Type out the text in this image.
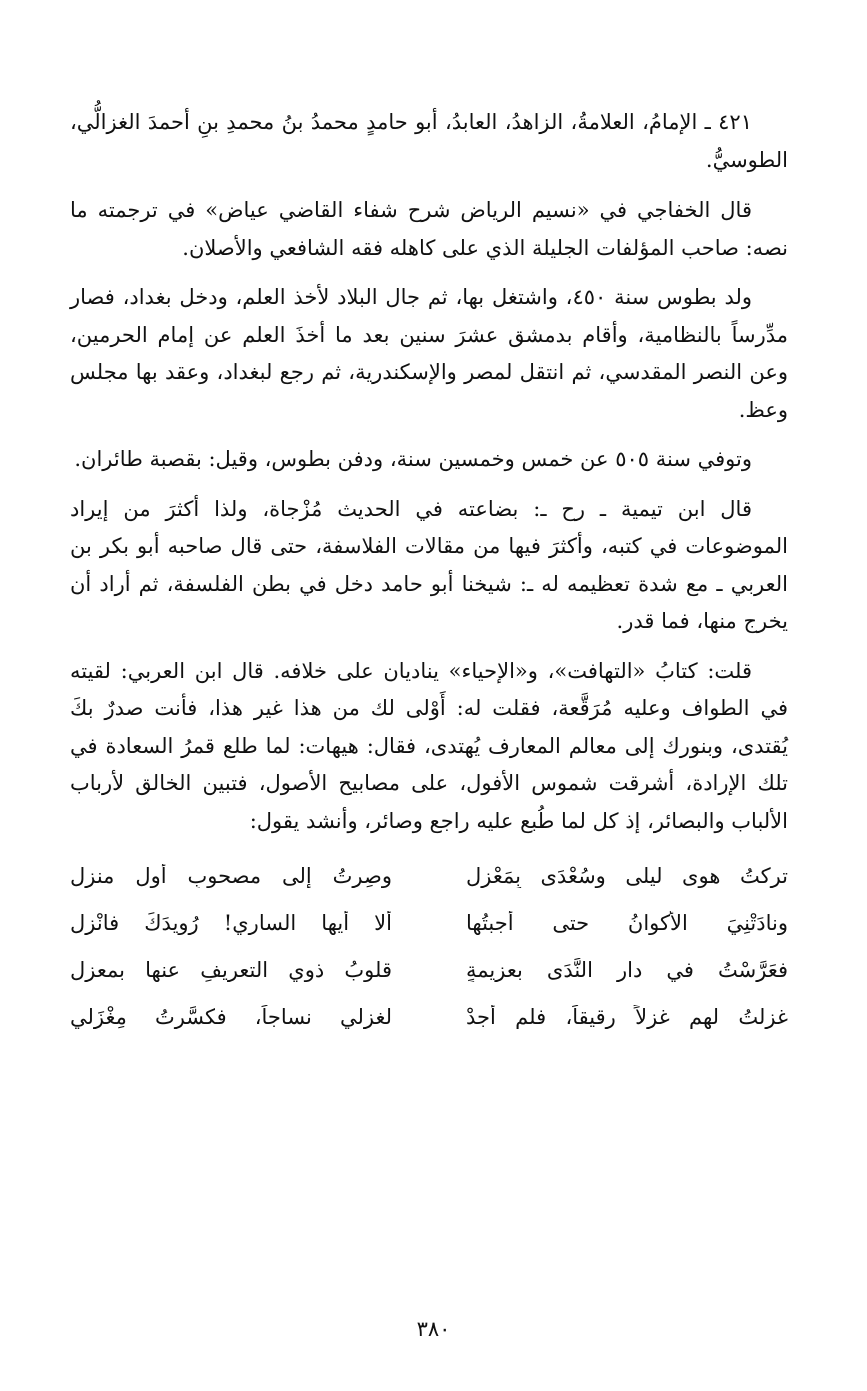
٤٢١ ـ الإمامُ، العلامةُ، الزاهدُ، العابدُ، أبو حامدٍ محمدُ بنُ محمدِ بنِ أحمدَ الغزالُّي، الطوسيُّ.

قال الخفاجي في «نسيم الرياض شرح شفاء القاضي عياض» في ترجمته ما نصه: صاحب المؤلفات الجليلة الذي على كاهله فقه الشافعي والأصلان.

ولد بطوس سنة ٤٥٠، واشتغل بها، ثم جال البلاد لأخذ العلم، ودخل بغداد، فصار مدِّرساً بالنظامية، وأقام بدمشق عشرَ سنين بعد ما أخذَ العلم عن إمام الحرمين، وعن النصر المقدسي، ثم انتقل لمصر والإسكندرية، ثم رجع لبغداد، وعقد بها مجلس وعظ.

وتوفي سنة ٥٠٥ عن خمس وخمسين سنة، ودفن بطوس، وقيل: بقصبة طائران.

قال ابن تيمية ـ رح ـ: بضاعته في الحديث مُزْجاة، ولذا أكثرَ من إيراد الموضوعات في كتبه، وأكثرَ فيها من مقالات الفلاسفة، حتى قال صاحبه أبو بكر بن العربي ـ مع شدة تعظيمه له ـ: شيخنا أبو حامد دخل في بطن الفلسفة، ثم أراد أن يخرج منها، فما قدر.

قلت: كتابُ «التهافت»، و«الإحياء» يناديان على خلافه. قال ابن العربي: لقيته في الطواف وعليه مُرَقَّعة، فقلت له: أَوْلى لك من هذا غير هذا، فأنت صدرٌ بكَ يُقتدى، وبنورك إلى معالم المعارف يُهتدى، فقال: هيهات: لما طلع قمرُ السعادة في تلك الإرادة، أشرقت شموس الأفول، على مصابيح الأصول، فتبين الخالق لأرباب الألباب والبصائر، إذ كل لما طُبع عليه راجع وصائر، وأنشد يقول:

تركتُ هوى ليلى وسُعْدَى بِمَعْزِلِ
وصِرتُ إلى مصحوبِ أولِ منزلِ
ونادَتْنِيَ الأكوانُ حتى أجبتُها
ألا أيها الساري! رُويدَكَ فانْزِلِ
فعَرَّسْتُ في دار النَّدَى بعزيمةٍ
قلوبُ ذوي التعريفِ عنها بمعزلِ
غزلتُ لهم غزلاً رقيقاً، فلم أجدْ
لغزلي نساجاً، فكسَّرتُ مِغْزَلي
٣٨٠
